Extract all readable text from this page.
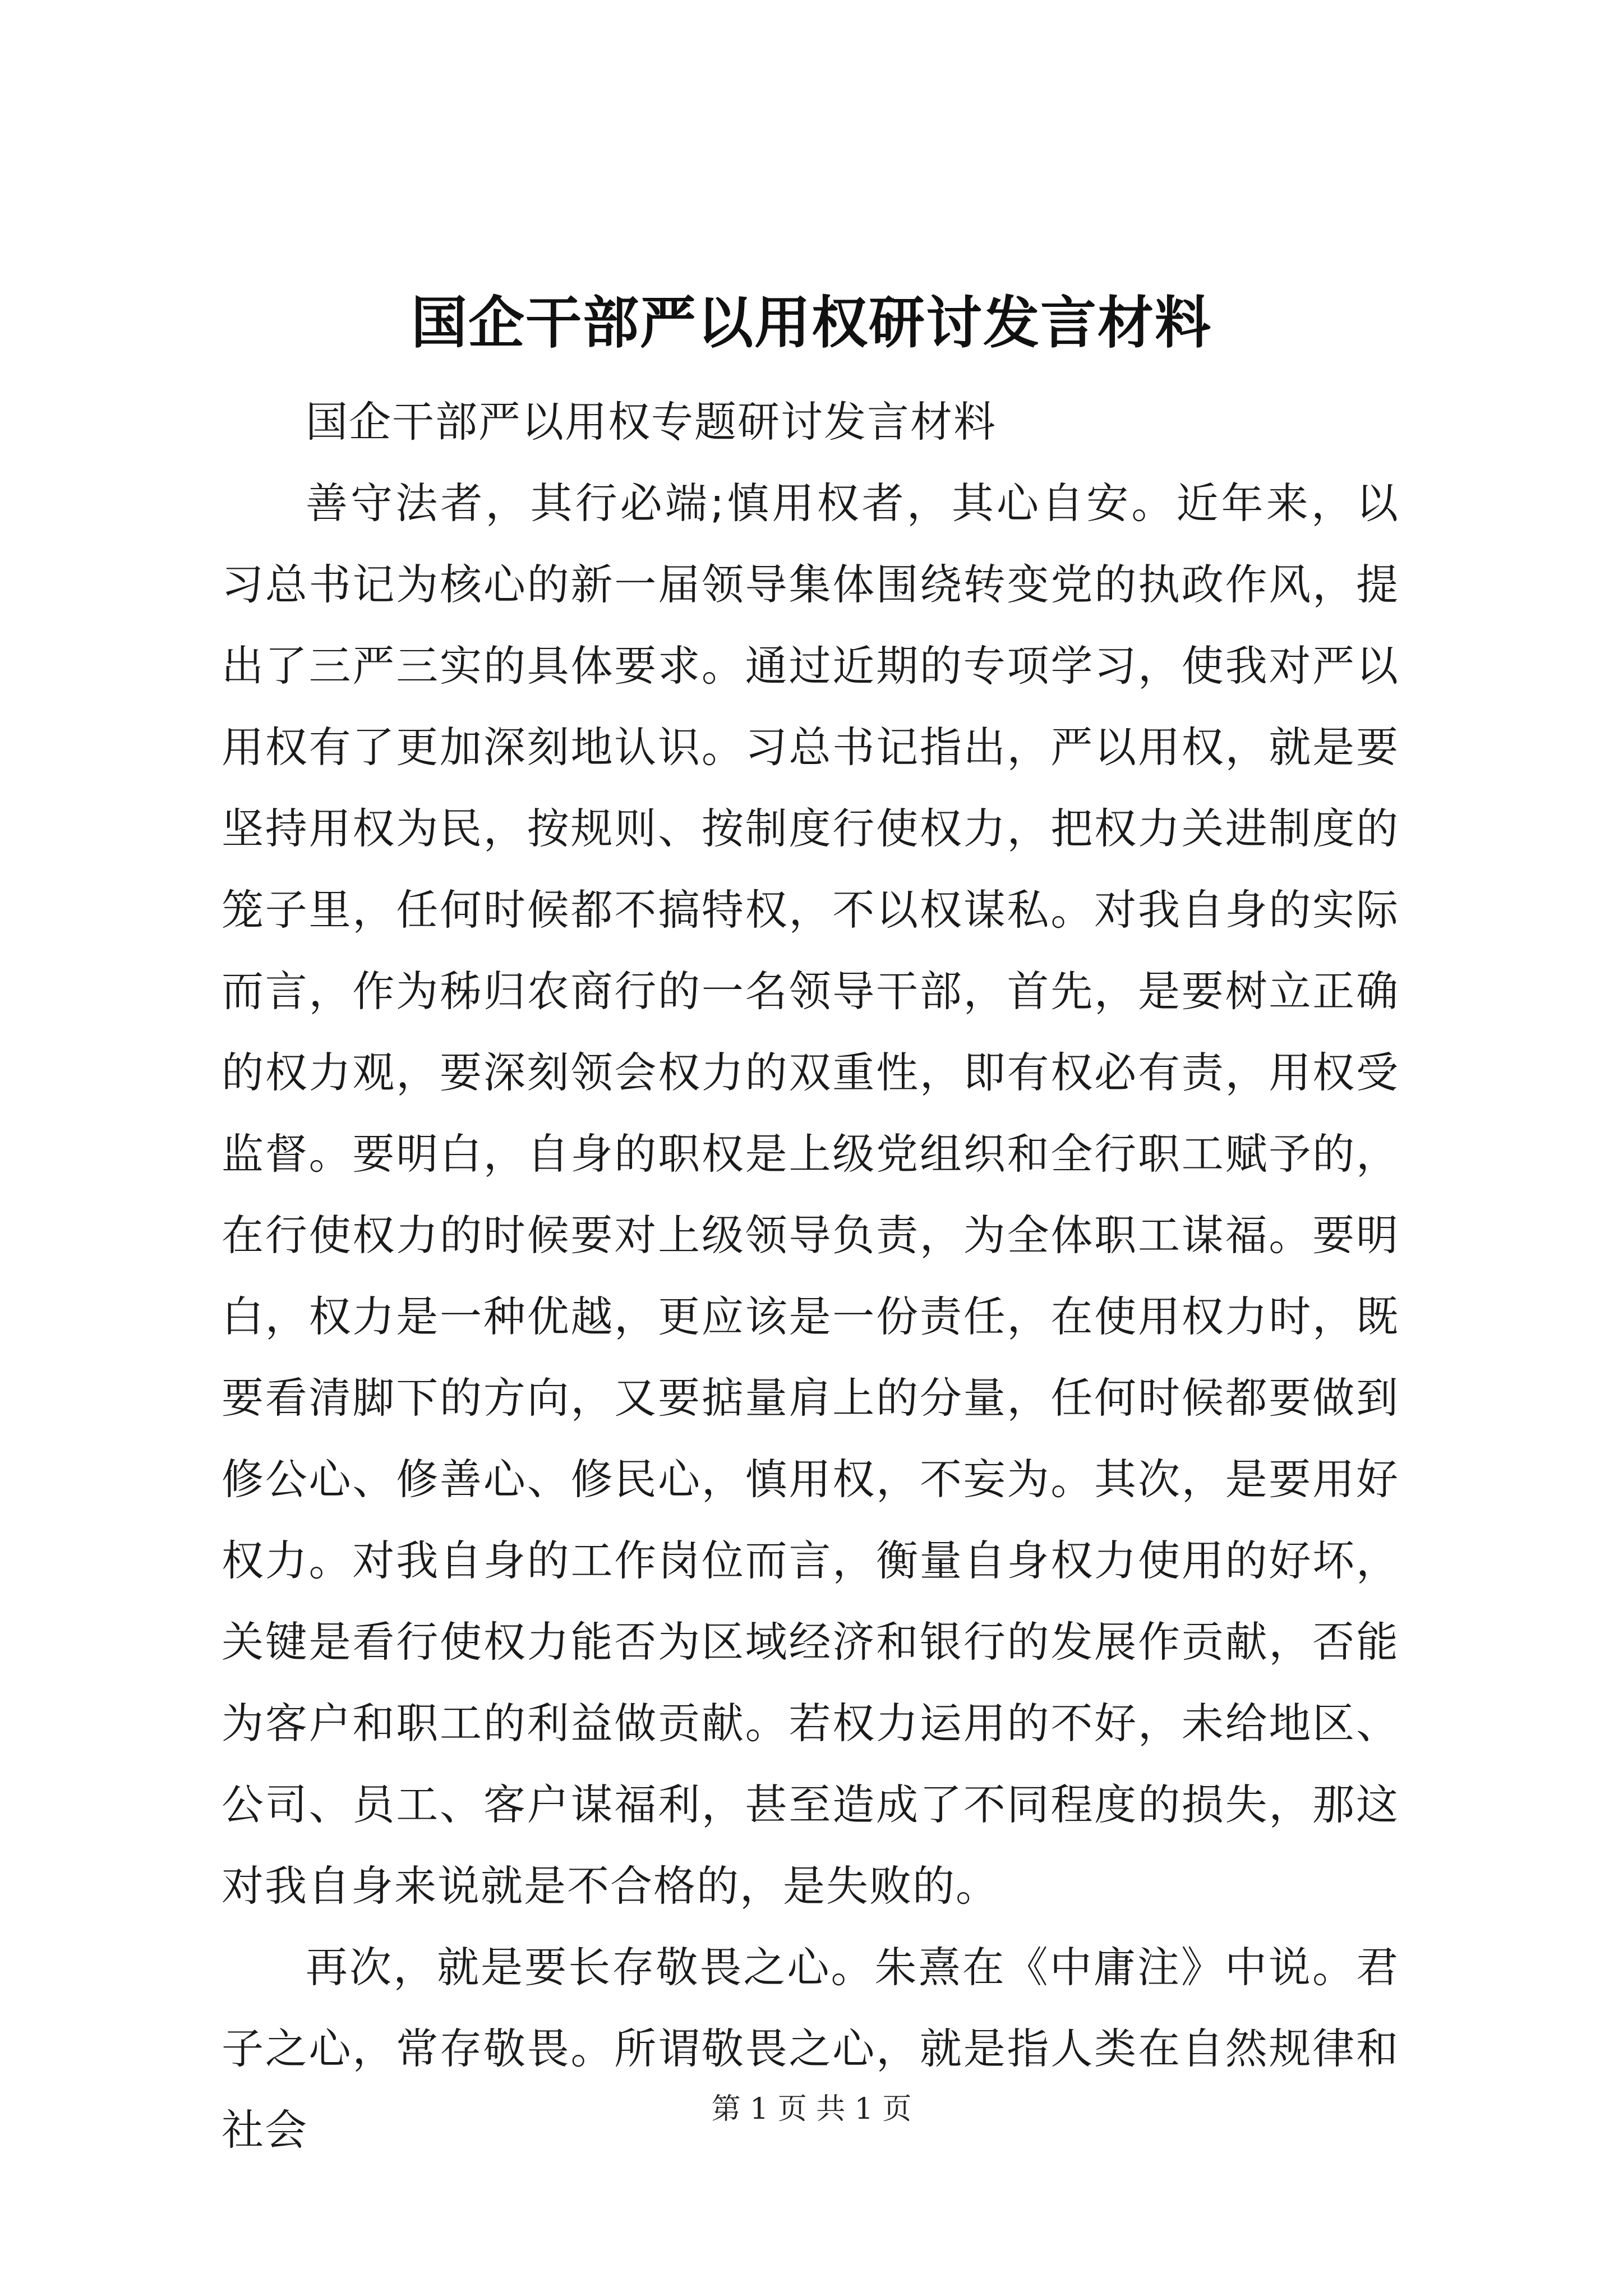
国企干部严以用权研讨发言材料

国企干部严以用权专题研讨发言材料

善守法者，其行必端;慎用权者，其心自安。近年来，以习总书记为核心的新一届领导集体围绕转变党的执政作风，提出了三严三实的具体要求。通过近期的专项学习，使我对严以用权有了更加深刻地认识。习总书记指出，严以用权，就是要坚持用权为民，按规则、按制度行使权力，把权力关进制度的笼子里，任何时候都不搞特权，不以权谋私。对我自身的实际而言，作为秭归农商行的一名领导干部，首先，是要树立正确的权力观，要深刻领会权力的双重性，即有权必有责，用权受监督。要明白，自身的职权是上级党组织和全行职工赋予的，在行使权力的时候要对上级领导负责，为全体职工谋福。要明白，权力是一种优越，更应该是一份责任，在使用权力时，既要看清脚下的方向，又要掂量肩上的分量，任何时候都要做到修公心、修善心、修民心，慎用权，不妄为。其次，是要用好权力。对我自身的工作岗位而言，衡量自身权力使用的好坏，关键是看行使权力能否为区域经济和银行的发展作贡献，否能为客户和职工的利益做贡献。若权力运用的不好，未给地区、公司、员工、客户谋福利，甚至造成了不同程度的损失，那这对我自身来说就是不合格的，是失败的。

再次，就是要长存敬畏之心。朱熹在《中庸注》中说。君子之心，常存敬畏。所谓敬畏之心，就是指人类在自然规律和社会	第 1 页 共 1 页
